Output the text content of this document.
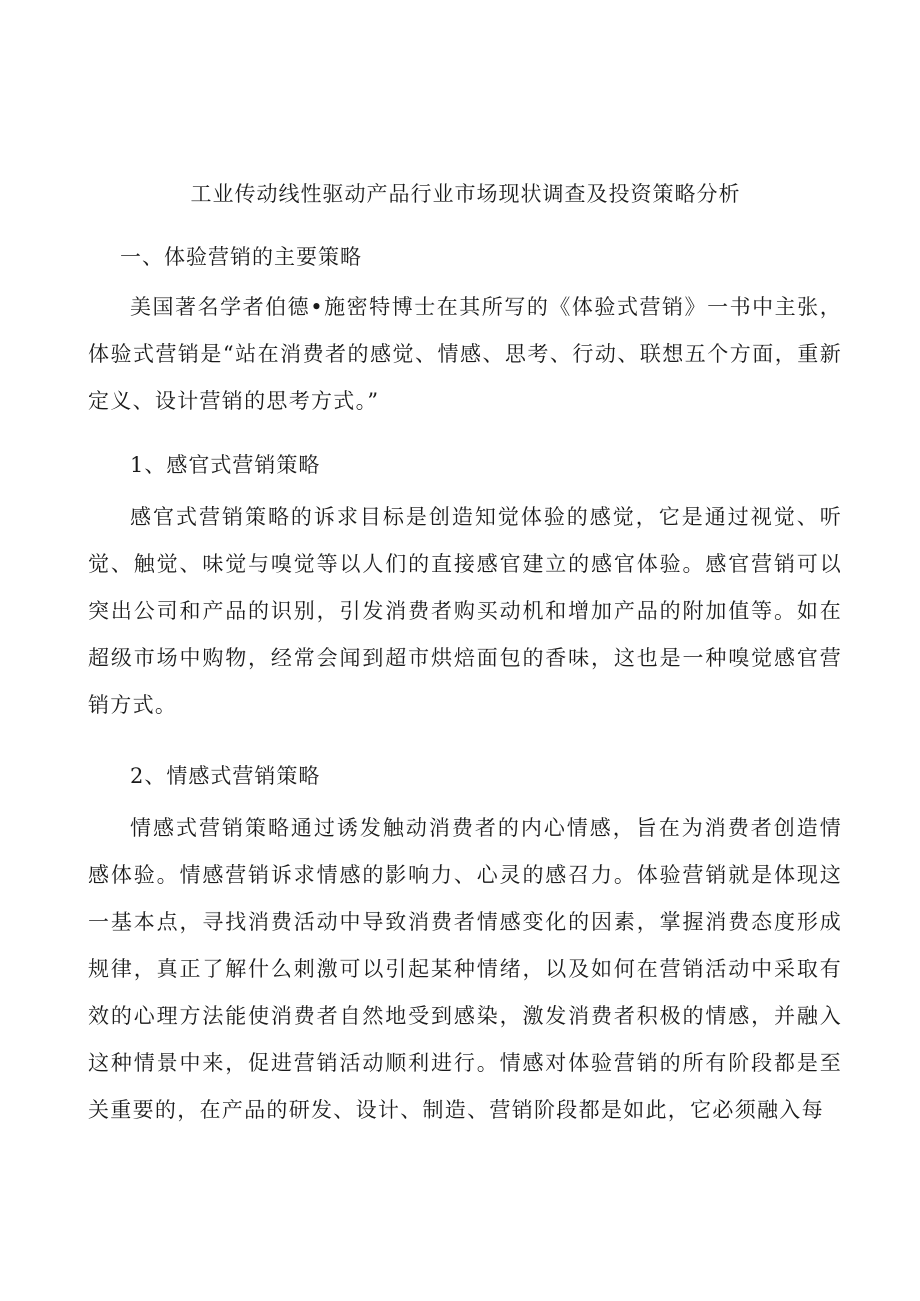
工业传动线性驱动产品行业市场现状调查及投资策略分析
一、体验营销的主要策略

美国著名学者伯德•施密特博士在其所写的《体验式营销》一书中主张，体验式营销是“站在消费者的感觉、情感、思考、行动、联想五个方面，重新定义、设计营销的思考方式。”

1、感官式营销策略

感官式营销策略的诉求目标是创造知觉体验的感觉，它是通过视觉、听觉、触觉、味觉与嗅觉等以人们的直接感官建立的感官体验。感官营销可以突出公司和产品的识别，引发消费者购买动机和增加产品的附加值等。如在超级市场中购物，经常会闻到超市烘焙面包的香味，这也是一种嗅觉感官营销方式。

2、情感式营销策略

情感式营销策略通过诱发触动消费者的内心情感，旨在为消费者创造情感体验。情感营销诉求情感的影响力、心灵的感召力。体验营销就是体现这一基本点，寻找消费活动中导致消费者情感变化的因素，掌握消费态度形成规律，真正了解什么刺激可以引起某种情绪，以及如何在营销活动中采取有效的心理方法能使消费者自然地受到感染，激发消费者积极的情感，并融入这种情景中来，促进营销活动顺利进行。情感对体验营销的所有阶段都是至关重要的，在产品的研发、设计、制造、营销阶段都是如此，它必须融入每
